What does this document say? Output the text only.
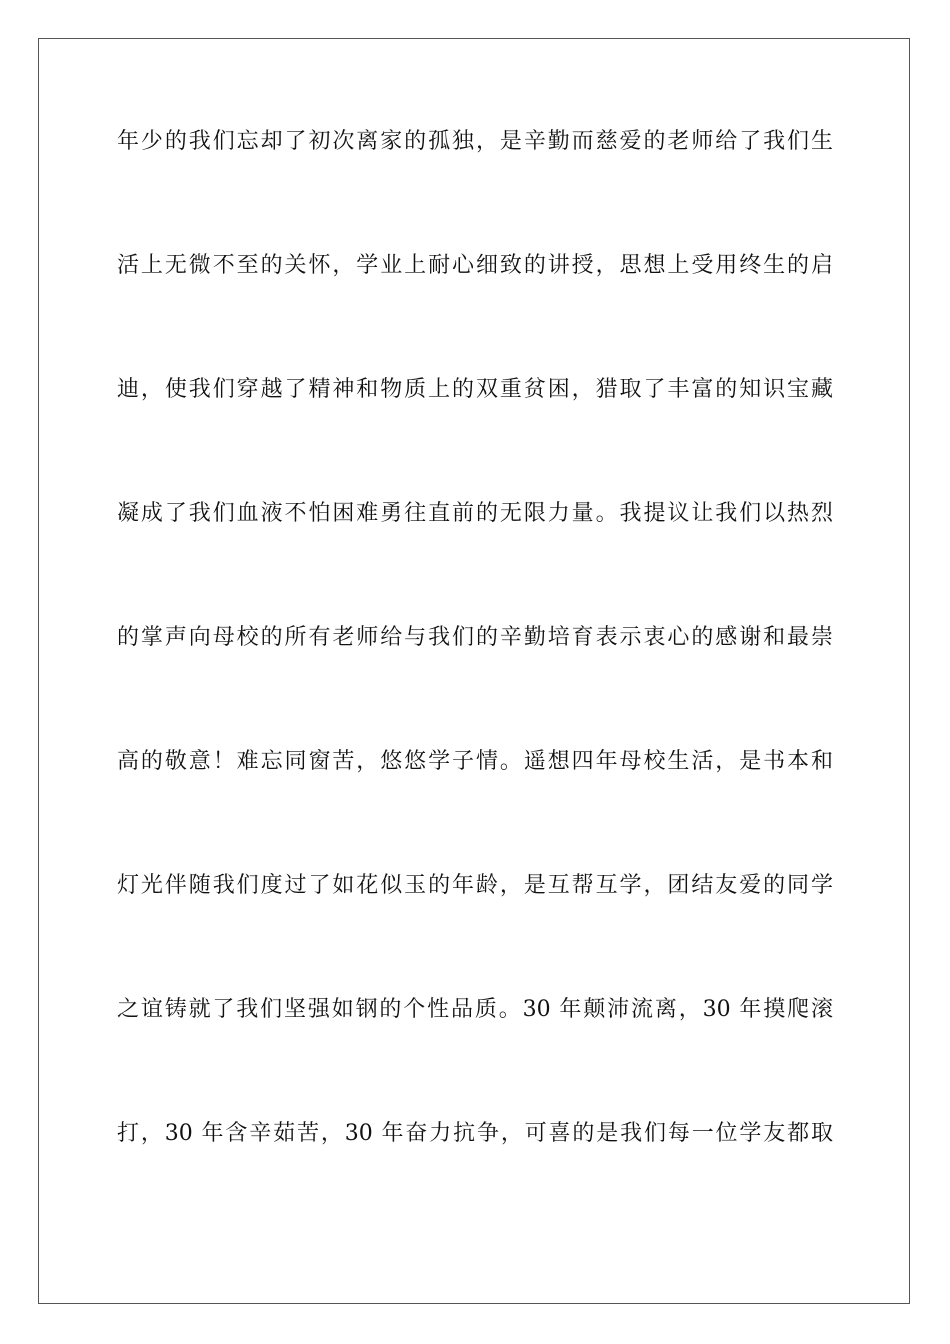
年少的我们忘却了初次离家的孤独，是辛勤而慈爱的老师给了我们生
活上无微不至的关怀，学业上耐心细致的讲授，思想上受用终生的启
迪，使我们穿越了精神和物质上的双重贫困，猎取了丰富的知识宝藏
凝成了我们血液不怕困难勇往直前的无限力量。我提议让我们以热烈
的掌声向母校的所有老师给与我们的辛勤培育表示衷心的感谢和最崇
高的敬意！难忘同窗苦，悠悠学子情。遥想四年母校生活，是书本和
灯光伴随我们度过了如花似玉的年龄，是互帮互学，团结友爱的同学
之谊铸就了我们坚强如钢的个性品质。30 年颠沛流离，30 年摸爬滚
打，30 年含辛茹苦，30 年奋力抗争，可喜的是我们每一位学友都取
